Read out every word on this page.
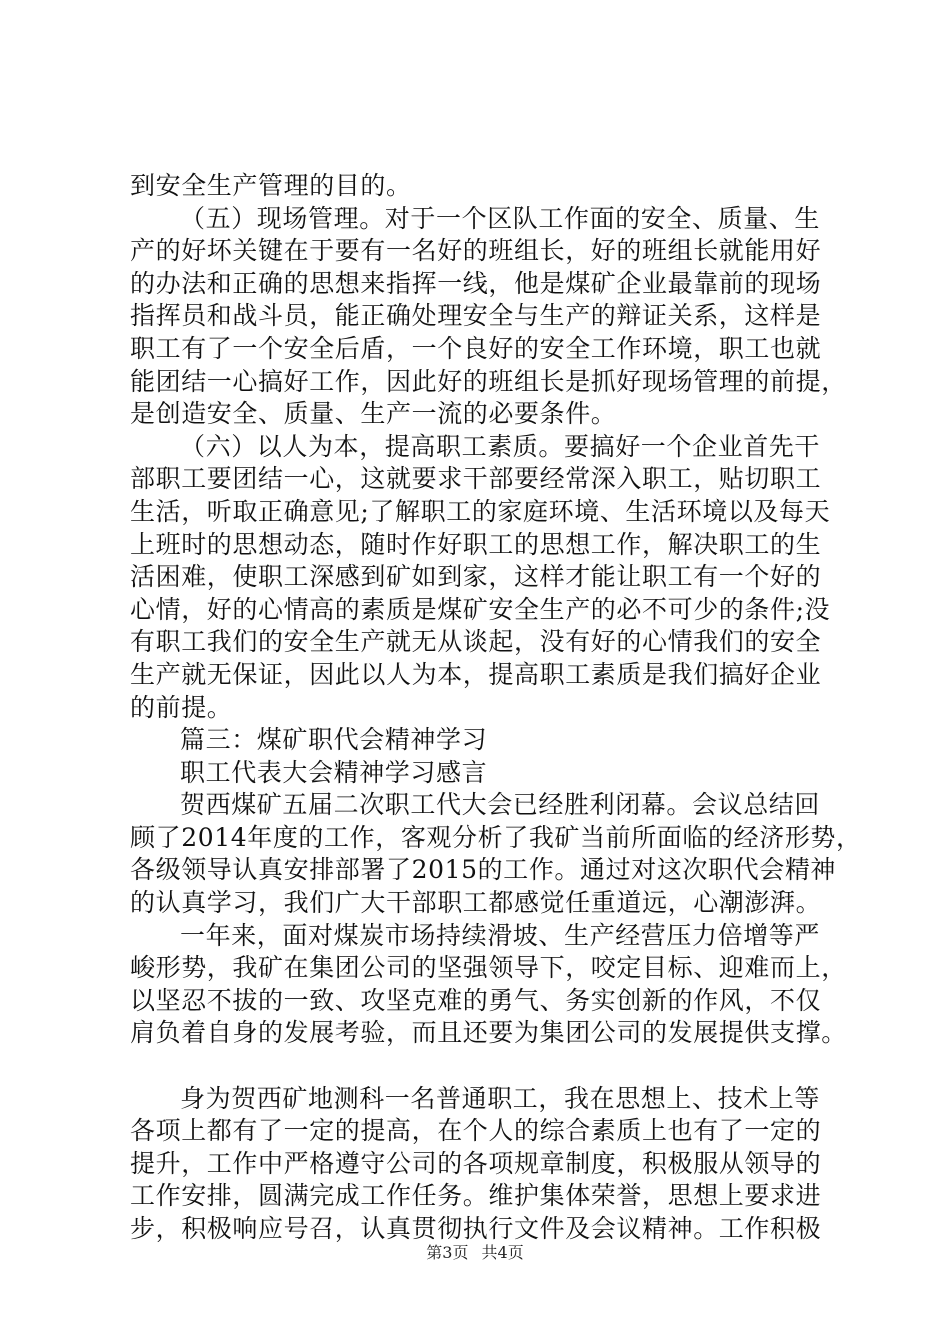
到安全生产管理的目的。
（五）现场管理。对于一个区队工作面的安全、质量、生
产的好坏关键在于要有一名好的班组长，好的班组长就能用好
的办法和正确的思想来指挥一线，他是煤矿企业最靠前的现场
指挥员和战斗员，能正确处理安全与生产的辩证关系，这样是
职工有了一个安全后盾，一个良好的安全工作环境，职工也就
能团结一心搞好工作，因此好的班组长是抓好现场管理的前提，
是创造安全、质量、生产一流的必要条件。
（六）以人为本，提高职工素质。要搞好一个企业首先干
部职工要团结一心，这就要求干部要经常深入职工，贴切职工
生活，听取正确意见;了解职工的家庭环境、生活环境以及每天
上班时的思想动态，随时作好职工的思想工作，解决职工的生
活困难，使职工深感到矿如到家，这样才能让职工有一个好的
心情，好的心情高的素质是煤矿安全生产的必不可少的条件;没
有职工我们的安全生产就无从谈起，没有好的心情我们的安全
生产就无保证，因此以人为本，提高职工素质是我们搞好企业
的前提。
篇三：煤矿职代会精神学习
职工代表大会精神学习感言
贺西煤矿五届二次职工代大会已经胜利闭幕。会议总结回
顾了2014年度的工作，客观分析了我矿当前所面临的经济形势，
各级领导认真安排部署了2015的工作。通过对这次职代会精神
的认真学习，我们广大干部职工都感觉任重道远，心潮澎湃。
一年来，面对煤炭市场持续滑坡、生产经营压力倍增等严
峻形势，我矿在集团公司的坚强领导下，咬定目标、迎难而上，
以坚忍不拔的一致、攻坚克难的勇气、务实创新的作风，不仅
肩负着自身的发展考验，而且还要为集团公司的发展提供支撑。
身为贺西矿地测科一名普通职工，我在思想上、技术上等
各项上都有了一定的提高，在个人的综合素质上也有了一定的
提升，工作中严格遵守公司的各项规章制度，积极服从领导的
工作安排，圆满完成工作任务。维护集体荣誉，思想上要求进
步，积极响应号召，认真贯彻执行文件及会议精神。工作积极
第3页 共4页
